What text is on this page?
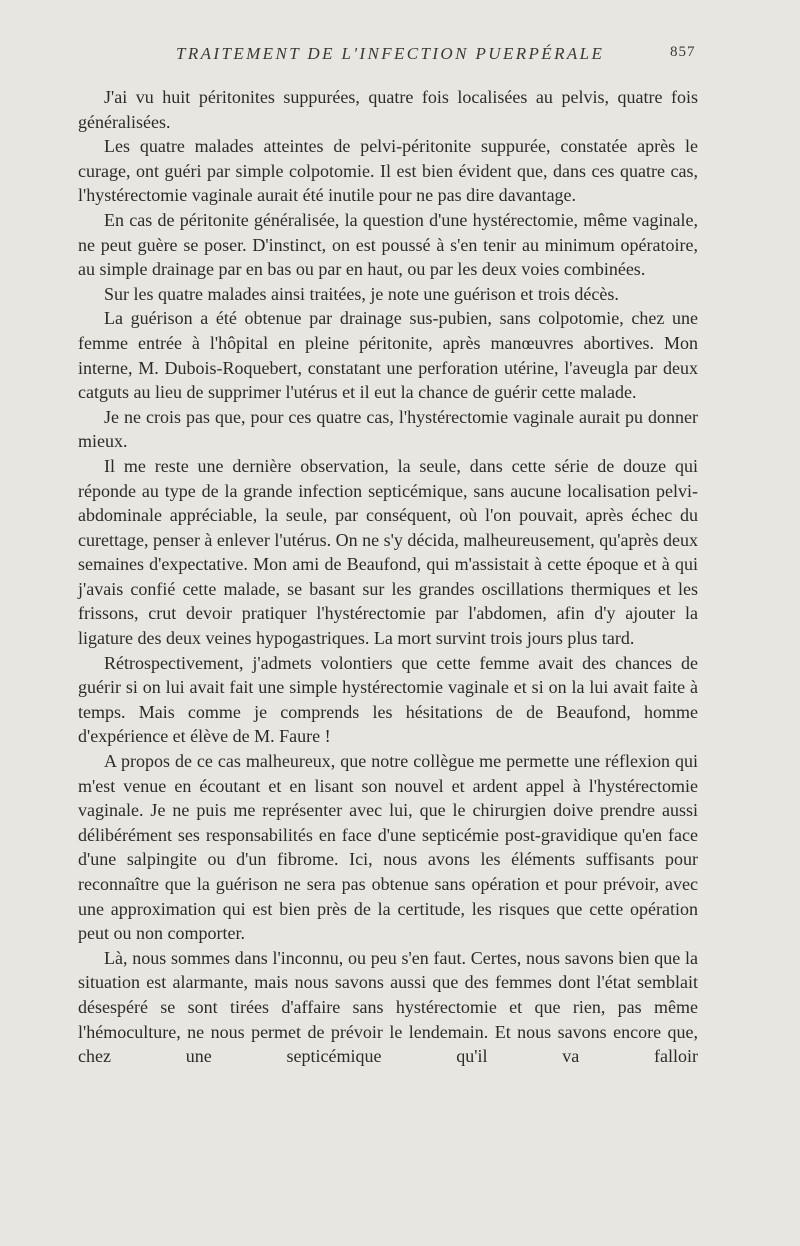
TRAITEMENT DE L'INFECTION PUERPÉRALE	857

J'ai vu huit péritonites suppurées, quatre fois localisées au pelvis, quatre fois généralisées.

Les quatre malades atteintes de pelvi-péritonite suppurée, constatée après le curage, ont guéri par simple colpotomie. Il est bien évident que, dans ces quatre cas, l'hystérectomie vaginale aurait été inutile pour ne pas dire davantage.

En cas de péritonite généralisée, la question d'une hystérectomie, même vaginale, ne peut guère se poser. D'instinct, on est poussé à s'en tenir au minimum opératoire, au simple drainage par en bas ou par en haut, ou par les deux voies combinées.

Sur les quatre malades ainsi traitées, je note une guérison et trois décès.

La guérison a été obtenue par drainage sus-pubien, sans colpotomie, chez une femme entrée à l'hôpital en pleine péritonite, après manœuvres abortives. Mon interne, M. Dubois-Roquebert, constatant une perforation utérine, l'aveugla par deux catguts au lieu de supprimer l'utérus et il eut la chance de guérir cette malade.

Je ne crois pas que, pour ces quatre cas, l'hystérectomie vaginale aurait pu donner mieux.

Il me reste une dernière observation, la seule, dans cette série de douze qui réponde au type de la grande infection septicémique, sans aucune localisation pelvi-abdominale appréciable, la seule, par conséquent, où l'on pouvait, après échec du curettage, penser à enlever l'utérus. On ne s'y décida, malheureusement, qu'après deux semaines d'expectative. Mon ami de Beaufond, qui m'assistait à cette époque et à qui j'avais confié cette malade, se basant sur les grandes oscillations thermiques et les frissons, crut devoir pratiquer l'hystérectomie par l'abdomen, afin d'y ajouter la ligature des deux veines hypogastriques. La mort survint trois jours plus tard.

Rétrospectivement, j'admets volontiers que cette femme avait des chances de guérir si on lui avait fait une simple hystérectomie vaginale et si on la lui avait faite à temps. Mais comme je comprends les hésitations de de Beaufond, homme d'expérience et élève de M. Faure !

A propos de ce cas malheureux, que notre collègue me permette une réflexion qui m'est venue en écoutant et en lisant son nouvel et ardent appel à l'hystérectomie vaginale. Je ne puis me représenter avec lui, que le chirurgien doive prendre aussi délibérément ses responsabilités en face d'une septicémie post-gravidique qu'en face d'une salpingite ou d'un fibrome. Ici, nous avons les éléments suffisants pour reconnaître que la guérison ne sera pas obtenue sans opération et pour prévoir, avec une approximation qui est bien près de la certitude, les risques que cette opération peut ou non comporter.

Là, nous sommes dans l'inconnu, ou peu s'en faut. Certes, nous savons bien que la situation est alarmante, mais nous savons aussi que des femmes dont l'état semblait désespéré se sont tirées d'affaire sans hystérectomie et que rien, pas même l'hémoculture, ne nous permet de prévoir le lendemain. Et nous savons encore que, chez une septicémique qu'il va falloir
